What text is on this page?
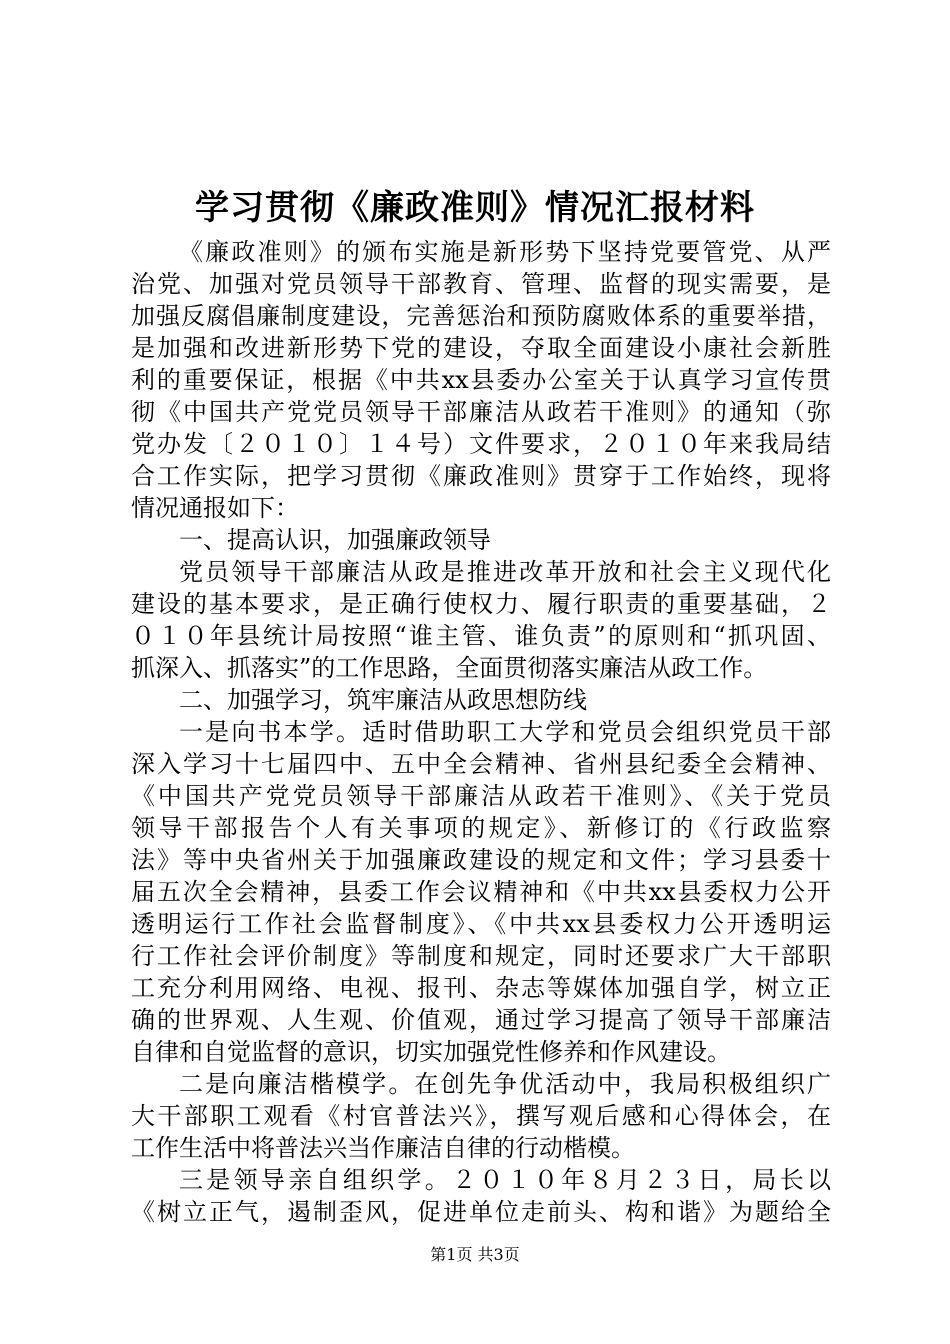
学习贯彻《廉政准则》情况汇报材料
《廉政准则》的颁布实施是新形势下坚持党要管党、从严
治党、加强对党员领导干部教育、管理、监督的现实需要，是
加强反腐倡廉制度建设，完善惩治和预防腐败体系的重要举措，
是加强和改进新形势下党的建设，夺取全面建设小康社会新胜
利的重要保证，根据《中共xx县委办公室关于认真学习宣传贯
彻《中国共产党党员领导干部廉洁从政若干准则》的通知（弥
党办发〔２０１０〕１４号）文件要求，２０１０年来我局结
合工作实际，把学习贯彻《廉政准则》贯穿于工作始终，现将
情况通报如下：
一、提高认识，加强廉政领导
党员领导干部廉洁从政是推进改革开放和社会主义现代化
建设的基本要求，是正确行使权力、履行职责的重要基础，２
０１０年县统计局按照“谁主管、谁负责”的原则和“抓巩固、
抓深入、抓落实”的工作思路，全面贯彻落实廉洁从政工作。
二、加强学习，筑牢廉洁从政思想防线
一是向书本学。适时借助职工大学和党员会组织党员干部
深入学习十七届四中、五中全会精神、省州县纪委全会精神、
《中国共产党党员领导干部廉洁从政若干准则》、《关于党员
领导干部报告个人有关事项的规定》、新修订的《行政监察
法》等中央省州关于加强廉政建设的规定和文件；学习县委十
届五次全会精神，县委工作会议精神和《中共xx县委权力公开
透明运行工作社会监督制度》、《中共xx县委权力公开透明运
行工作社会评价制度》等制度和规定，同时还要求广大干部职
工充分利用网络、电视、报刊、杂志等媒体加强自学，树立正
确的世界观、人生观、价值观，通过学习提高了领导干部廉洁
自律和自觉监督的意识，切实加强党性修养和作风建设。
二是向廉洁楷模学。在创先争优活动中，我局积极组织广
大干部职工观看《村官普法兴》，撰写观后感和心得体会，在
工作生活中将普法兴当作廉洁自律的行动楷模。
三是领导亲自组织学。２０１０年８月２３日，局长以
《树立正气，遏制歪风，促进单位走前头、构和谐》为题给全
第1页 共3页
